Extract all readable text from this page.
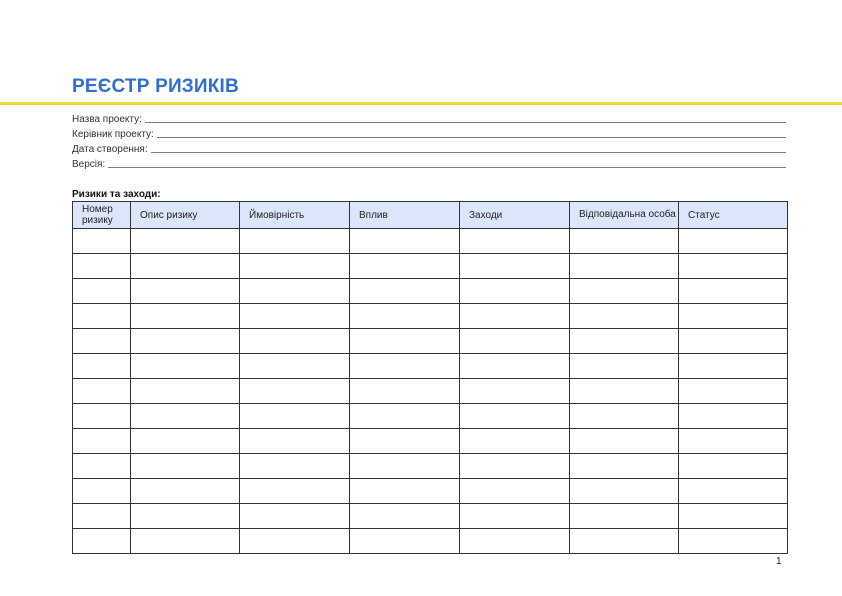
РЕЄСТР РИЗИКІВ
Назва проекту:
Керівник проекту:
Дата створення:
Версія:
Ризики та заходи:
Номер ризику	Опис ризику	Ймовірність	Вплив	Заходи	Відповідальна особа	Статус

1
